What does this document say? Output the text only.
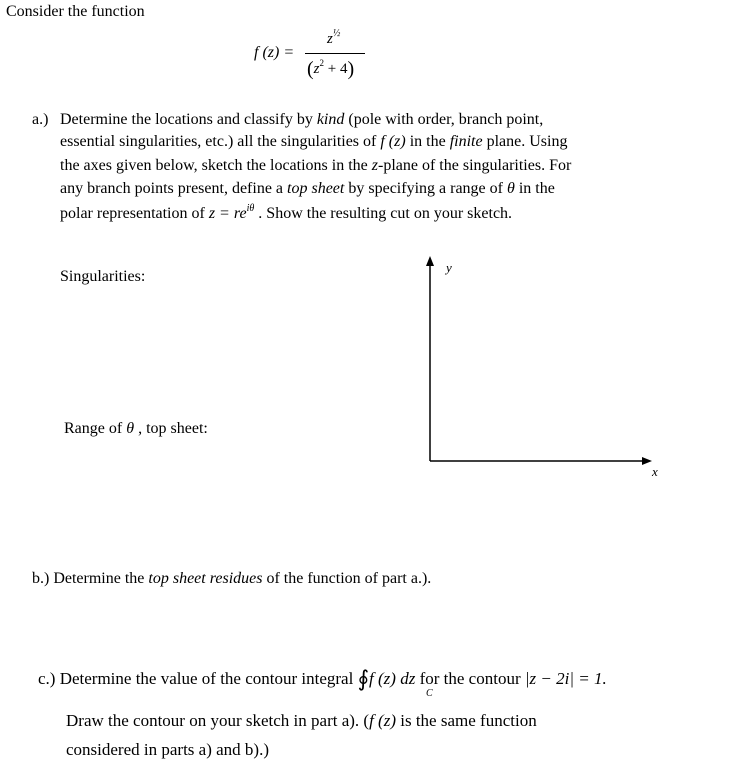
Consider the function
f (z) =
$z^{\frac{1}{2}}$
$(z^2 + 4)$
a.) Determine the locations and classify by kind (pole with order, branch point,
essential singularities, etc.) all the singularities of f (z) in the finite plane. Using
the axes given below, sketch the locations in the z-plane of the singularities. For
any branch points present, define a top sheet by specifying a range of θ in the
polar representation of $z = re^{i\theta}$ . Show the resulting cut on your sketch.
Singularities:
Range of θ , top sheet:
y
x
b.) Determine the top sheet residues of the function of part a.).
c.) Determine the value of the contour integral ∮f (z) dz for the contour |z − 2i| = 1.
C
Draw the contour on your sketch in part a). (f (z) is the same function
considered in parts a) and b).)
